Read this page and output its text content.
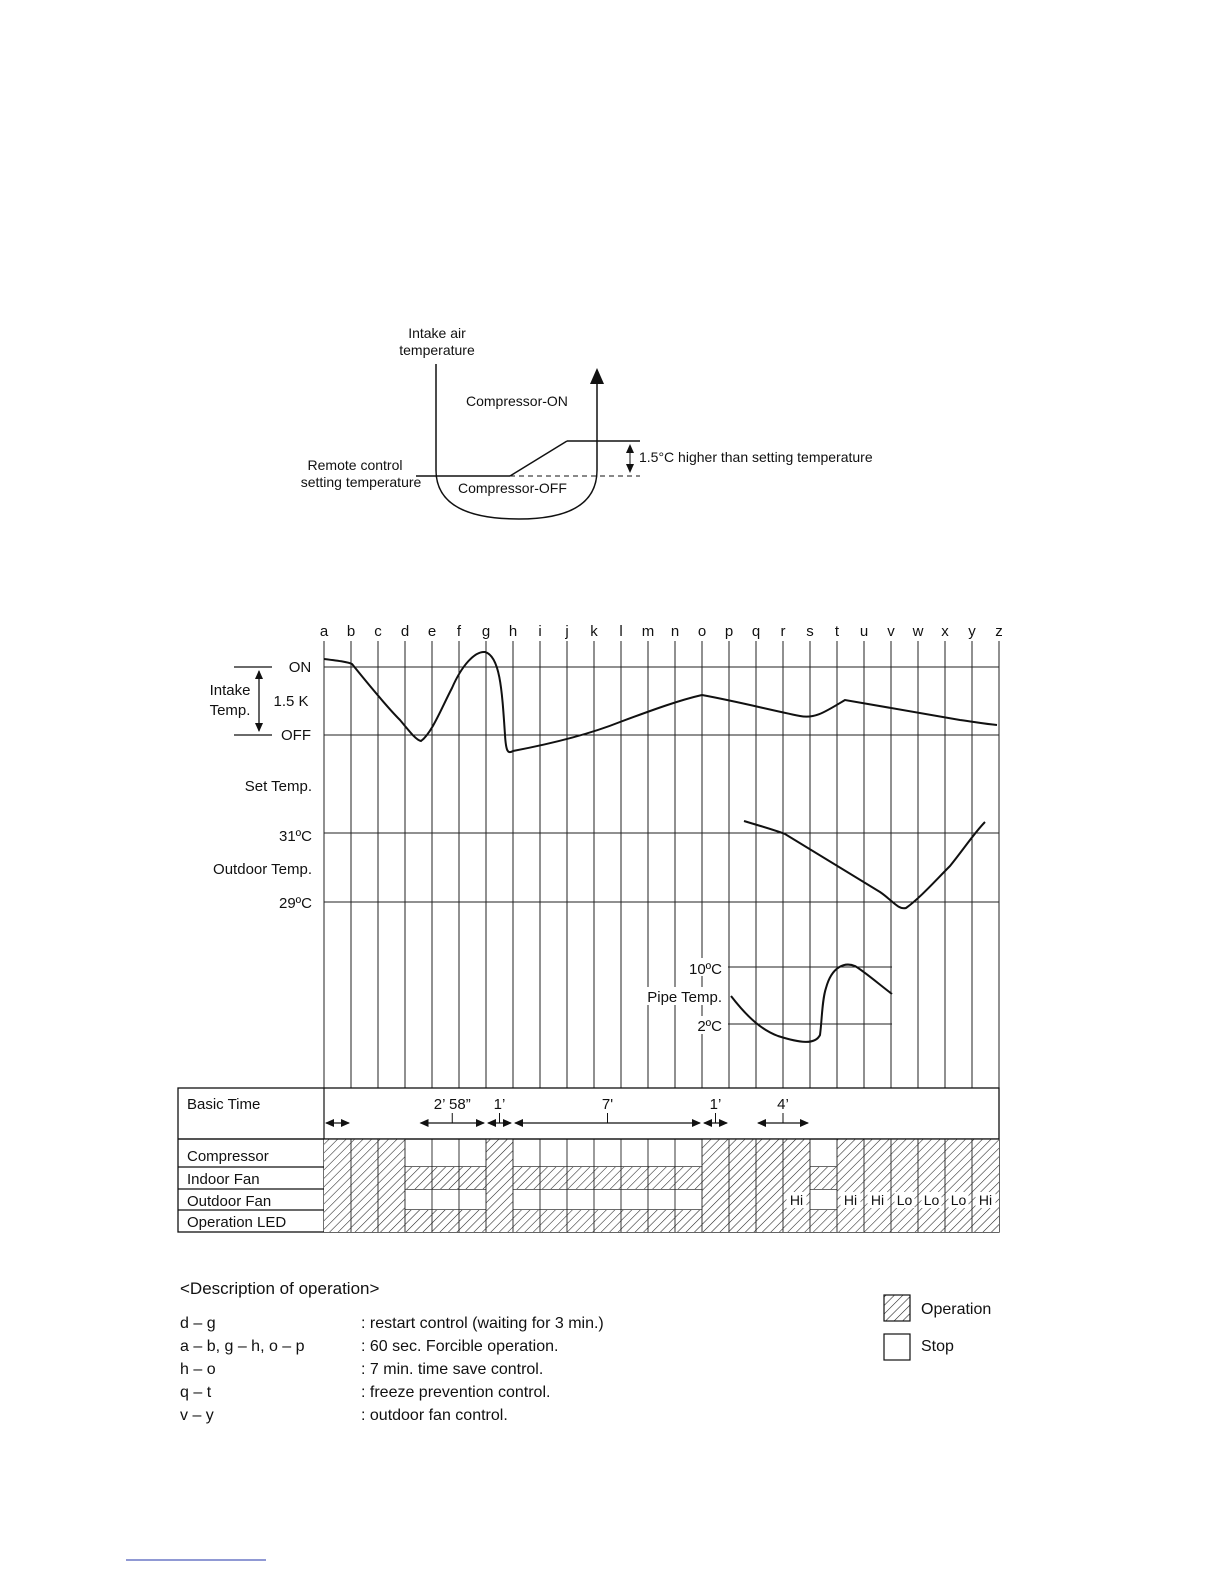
Intake air
temperature
Compressor-ON
Compressor-OFF
Remote control
setting temperature
1.5°C higher than setting temperature
a b c d e f g h i j k l m n o p q r s t u v w x y z
ON
OFF
Intake
Temp.
1.5 K
Set Temp.
31ºC
Outdoor Temp.
29ºC
10ºC
Pipe Temp.
2ºC
Hi	Hi Hi Lo Lo Lo Hi
2’ 58” 1’	7'	1’	4’
Basic Time
Compressor
Indoor Fan
Outdoor Fan
Operation LED
<Description of operation>
d – g	: restart control (waiting for 3 min.)
a – b, g – h, o – p	: 60 sec. Forcible operation.
h – o	: 7 min. time save control.
q – t	: freeze prevention control.
v – y	: outdoor fan control.
Operation
Stop
